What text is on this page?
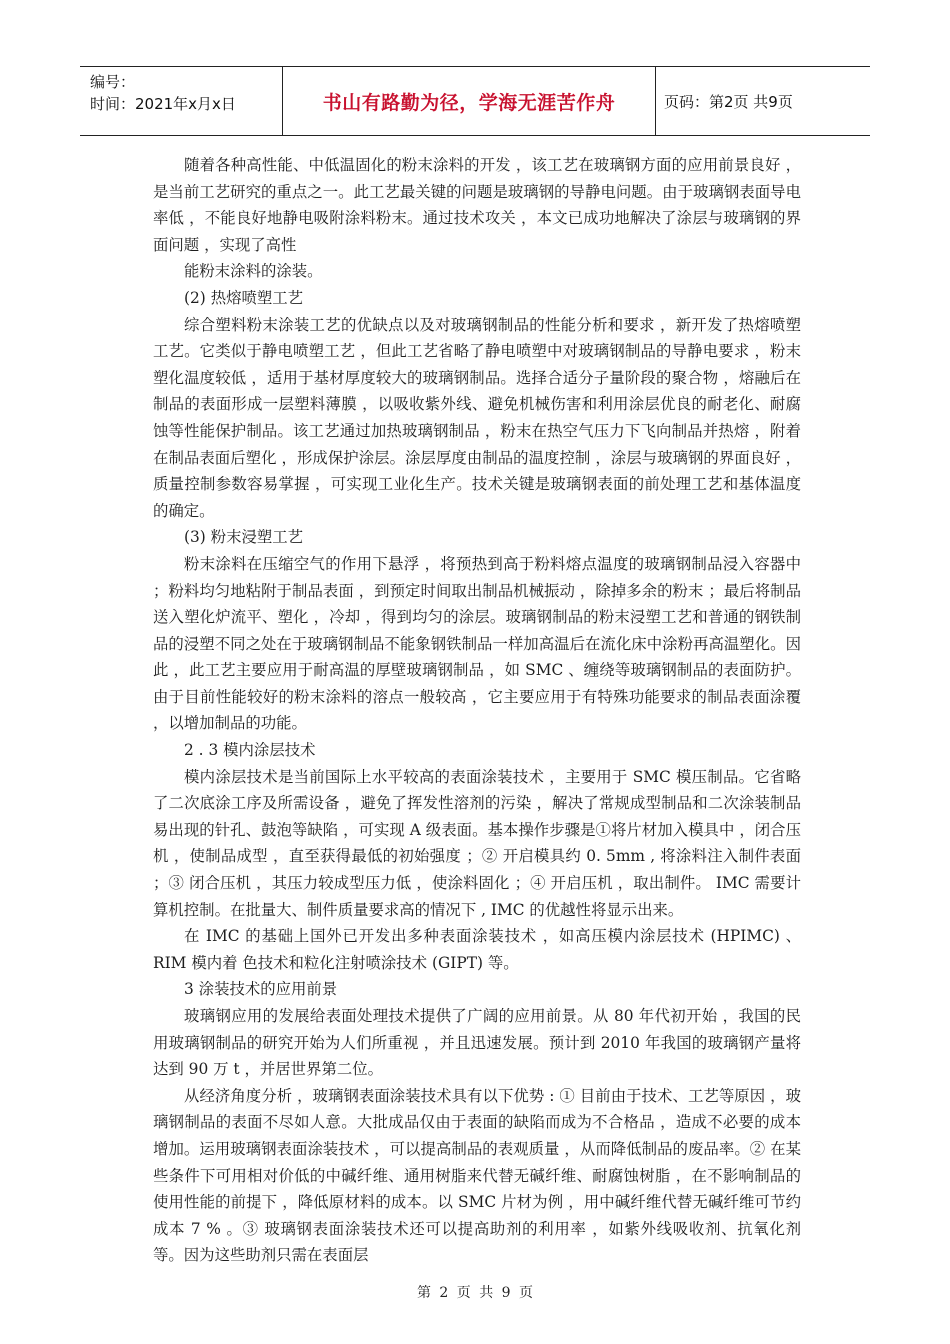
编号：
时间：2021年x月x日	书山有路勤为径，学海无涯苦作舟	页码：第2页 共9页

随着各种高性能、中低温固化的粉末涂料的开发 ，该工艺在玻璃钢方面的应用前景良好 ，是当前工艺研究的重点之一。此工艺最关键的问题是玻璃钢的导静电问题。由于玻璃钢表面导电率低 ，不能良好地静电吸附涂料粉末。通过技术攻关 ，本文已成功地解决了涂层与玻璃钢的界面问题 ，实现了高性

能粉末涂料的涂装。

(2) 热熔喷塑工艺

综合塑料粉末涂装工艺的优缺点以及对玻璃钢制品的性能分析和要求 ，新开发了热熔喷塑工艺。它类似于静电喷塑工艺 ，但此工艺省略了静电喷塑中对玻璃钢制品的导静电要求 ，粉末塑化温度较低 ，适用于基材厚度较大的玻璃钢制品。选择合适分子量阶段的聚合物 ，熔融后在制品的表面形成一层塑料薄膜 ，以吸收紫外线、避免机械伤害和利用涂层优良的耐老化、耐腐蚀等性能保护制品。该工艺通过加热玻璃钢制品 ，粉末在热空气压力下飞向制品并热熔 ，附着在制品表面后塑化 ，形成保护涂层。涂层厚度由制品的温度控制 ，涂层与玻璃钢的界面良好 ，质量控制参数容易掌握 ，可实现工业化生产。技术关键是玻璃钢表面的前处理工艺和基体温度的确定。

(3) 粉末浸塑工艺

粉末涂料在压缩空气的作用下悬浮 ，将预热到高于粉料熔点温度的玻璃钢制品浸入容器中 ；粉料均匀地粘附于制品表面 ，到预定时间取出制品机械振动 ，除掉多余的粉末 ；最后将制品送入塑化炉流平、塑化 ，冷却 ，得到均匀的涂层。玻璃钢制品的粉末浸塑工艺和普通的钢铁制品的浸塑不同之处在于玻璃钢制品不能象钢铁制品一样加高温后在流化床中涂粉再高温塑化。因此 ，此工艺主要应用于耐高温的厚壁玻璃钢制品 ，如 SMC 、缠绕等玻璃钢制品的表面防护。由于目前性能较好的粉末涂料的溶点一般较高 ，它主要应用于有特殊功能要求的制品表面涂覆 ，以增加制品的功能。

2 . 3 模内涂层技术

模内涂层技术是当前国际上水平较高的表面涂装技术 ，主要用于 SMC 模压制品。它省略了二次底涂工序及所需设备 ，避免了挥发性溶剂的污染 ，解决了常规成型制品和二次涂装制品易出现的针孔、鼓泡等缺陷 ，可实现 A 级表面。基本操作步骤是①将片材加入模具中 ，闭合压机 ，使制品成型 ，直至获得最低的初始强度 ；② 开启模具约 0. 5mm , 将涂料注入制件表面 ；③ 闭合压机 ，其压力较成型压力低 ，使涂料固化 ；④ 开启压机 ，取出制件。 IMC 需要计算机控制。在批量大、制件质量要求高的情况下 , IMC 的优越性将显示出来。

在 IMC 的基础上国外已开发出多种表面涂装技术 ，如高压模内涂层技术 (HPIMC) 、 RIM 模内着 色技术和粒化注射喷涂技术 (GIPT) 等。

3 涂装技术的应用前景

玻璃钢应用的发展给表面处理技术提供了广阔的应用前景。从 80 年代初开始 ，我国的民用玻璃钢制品的研究开始为人们所重视 ，并且迅速发展。预计到 2010 年我国的玻璃钢产量将达到 90 万 t ，并居世界第二位。

从经济角度分析 ，玻璃钢表面涂装技术具有以下优势 : ① 目前由于技术、工艺等原因 ，玻璃钢制品的表面不尽如人意。大批成品仅由于表面的缺陷而成为不合格品 ，造成不必要的成本增加。运用玻璃钢表面涂装技术 ，可以提高制品的表观质量 ，从而降低制品的废品率。② 在某些条件下可用相对价低的中碱纤维、通用树脂来代替无碱纤维、耐腐蚀树脂 ，在不影响制品的使用性能的前提下 ，降低原材料的成本。以 SMC 片材为例 ，用中碱纤维代替无碱纤维可节约成本 7 % 。③ 玻璃钢表面涂装技术还可以提高助剂的利用率 ，如紫外线吸收剂、抗氧化剂等。因为这些助剂只需在表面层

第 2 页 共 9 页
